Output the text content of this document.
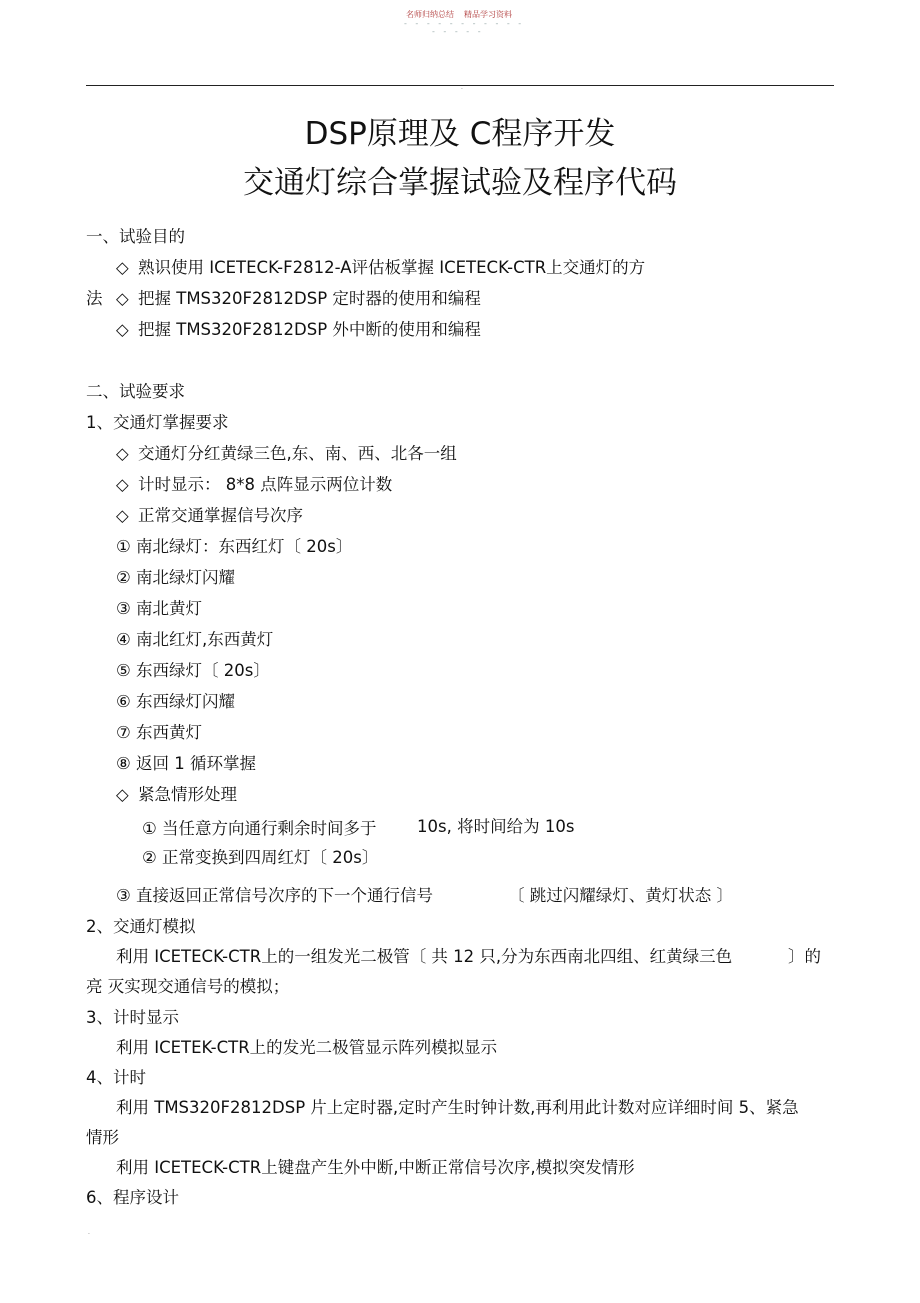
名师归纳总结 精品学习资料
- - - - - - - - - - -
- - - - -
·
DSP原理及 C程序开发
交通灯综合掌握试验及程序代码
一、试验目的
◇ 熟识使用 ICETECK-F2812-A评估板掌握 ICETECK-CTR上交通灯的方
法 ◇ 把握 TMS320F2812DSP 定时器的使用和编程
◇ 把握 TMS320F2812DSP 外中断的使用和编程
二、试验要求
1、交通灯掌握要求
◇ 交通灯分红黄绿三色,东、南、西、北各一组
◇ 计时显示： 8*8 点阵显示两位计数
◇ 正常交通掌握信号次序
① 南北绿灯：东西红灯〔 20s〕
② 南北绿灯闪耀
③ 南北黄灯
④ 南北红灯,东西黄灯
⑤ 东西绿灯〔 20s〕
⑥ 东西绿灯闪耀
⑦ 东西黄灯
⑧ 返回 1 循环掌握
◇ 紧急情形处理
① 当任意方向通行剩余时间多于 10s, 将时间给为 10s
② 正常变换到四周红灯〔 20s〕
③ 直接返回正常信号次序的下一个通行信号	〔 跳过闪耀绿灯、黄灯状态 〕
2、交通灯模拟
利用 ICETECK-CTR上的一组发光二极管〔 共 12 只,分为东西南北四组、红黄绿三色	〕的
亮 灭实现交通信号的模拟；
3、计时显示
利用 ICETEK-CTR上的发光二极管显示阵列模拟显示
4、计时
利用 TMS320F2812DSP 片上定时器,定时产生时钟计数,再利用此计数对应详细时间 5、紧急
情形
利用 ICETECK-CTR上键盘产生外中断,中断正常信号次序,模拟突发情形
6、程序设计
.
